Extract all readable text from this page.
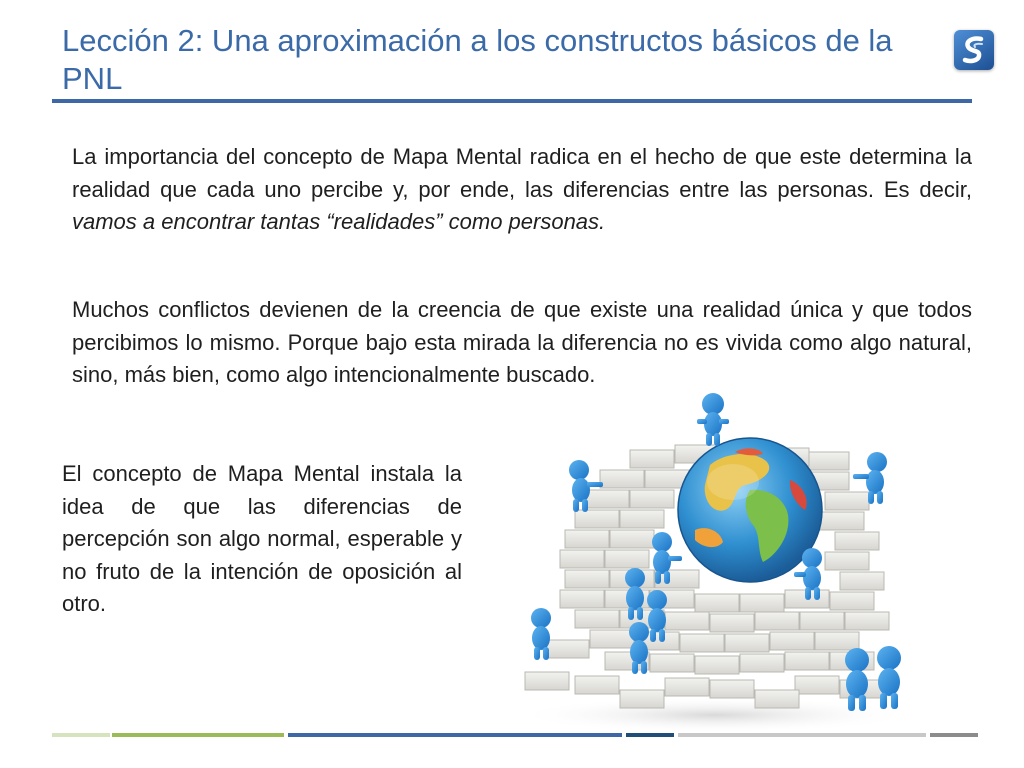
Lección 2: Una aproximación a los constructos básicos de la PNL

La importancia del concepto de Mapa Mental radica en el hecho de que este determina la realidad que cada uno percibe y, por ende, las diferencias entre las personas. Es decir, vamos a encontrar tantas “realidades” como personas.

Muchos conflictos devienen de la creencia de que existe una realidad única y que todos percibimos lo mismo. Porque bajo esta mirada la diferencia no es vivida como algo natural, sino, más bien, como algo intencionalmente buscado.

El concepto de Mapa Mental instala la idea de que las diferencias de percepción son algo normal, esperable y no fruto de la intención de oposición al otro.
